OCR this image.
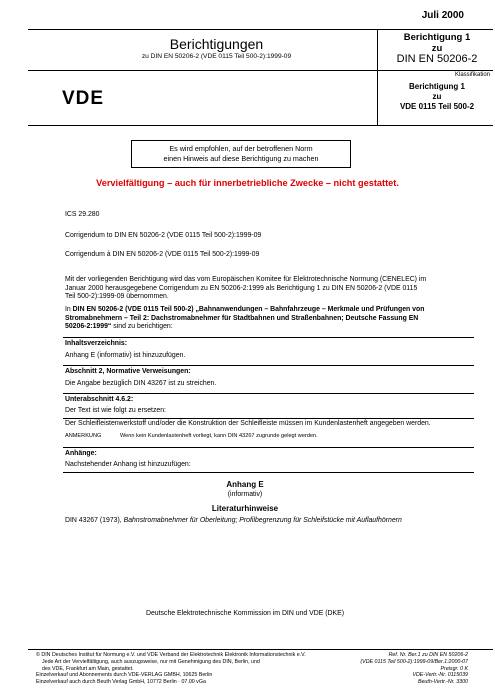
Juli 2000
Berichtigungen
zu DIN EN 50206-2 (VDE 0115 Teil 500-2):1999-09
Berichtigung 1
zu
DIN EN 50206-2
Klassifikation
Berichtigung 1
zu
VDE 0115 Teil 500-2
VDE
Es wird empfohlen, auf der betroffenen Norm
einen Hinweis auf diese Berichtigung zu machen
Vervielfältigung – auch für innerbetriebliche Zwecke – nicht gestattet.
ICS 29.280
Corrigendum to DIN EN 50206-2 (VDE 0115 Teil 500-2):1999-09
Corrigendum à DIN EN 50206-2 (VDE 0115 Teil 500-2):1999-09
Mit der vorliegenden Berichtigung wird das vom Europäischen Komitee für Elektrotechnische Normung (CENELEC) im
Januar 2000 herausgegebene Corrigendum zu EN 50206-2:1999 als Berichtigung 1 zu DIN EN 50206-2 (VDE 0115
Teil 500-2):1999-09 übernommen.
In DIN EN 50206-2 (VDE 0115 Teil 500-2) „Bahnanwendungen – Bahnfahrzeuge – Merkmale und Prüfungen von
Stromabnehmern – Teil 2: Dachstromabnehmer für Stadtbahnen und Straßenbahnen; Deutsche Fassung EN
50206-2:1999“ sind zu berichtigen:
Inhaltsverzeichnis:
Anhang E (informativ) ist hinzuzufügen.
Abschnitt 2, Normative Verweisungen:
Die Angabe bezüglich DIN 43267 ist zu streichen.
Unterabschnitt 4.6.2:
Der Text ist wie folgt zu ersetzen:
Der Schleifleistenwerkstoff und/oder die Konstruktion der Schleifleiste müssen im Kundenlastenheft angegeben werden.
ANMERKUNG	Wenn kein Kundenlastenheft vorliegt, kann DIN 43267 zugrunde gelegt werden.
Anhänge:
Nachstehender Anhang ist hinzuzufügen:
Anhang E
(informativ)
Literaturhinweise
DIN 43267 (1973), Bahnstromabnehmer für Oberleitung; Profilbegrenzung für Schleifstücke mit Auflaufhörnern
Deutsche Elektrotechnische Kommission im DIN und VDE (DKE)
© DIN Deutsches Institut für Normung e.V. und VDE Verband der Elektrotechnik Elektronik Informationstechnik e.V.
Jede Art der Vervielfältigung, auch auszugsweise, nur mit Genehmigung des DIN, Berlin, und
des VDE, Frankfurt am Main, gestattet.
Einzelverkauf und Abonnements durch VDE-VERLAG GMBH, 10625 Berlin
Einzelverkauf auch durch Beuth Verlag GmbH, 10772 Berlin · 07.00 vGa
Ref. Nr. Ber.1 zu DIN EN 50206-2
(VDE 0115 Teil 500-2):1999-09/Ber.1:2000-07
Preisgr. 0 K
VDE-Vertr.-Nr. 0115039
Beuth-Vertr.-Nr. 3300
